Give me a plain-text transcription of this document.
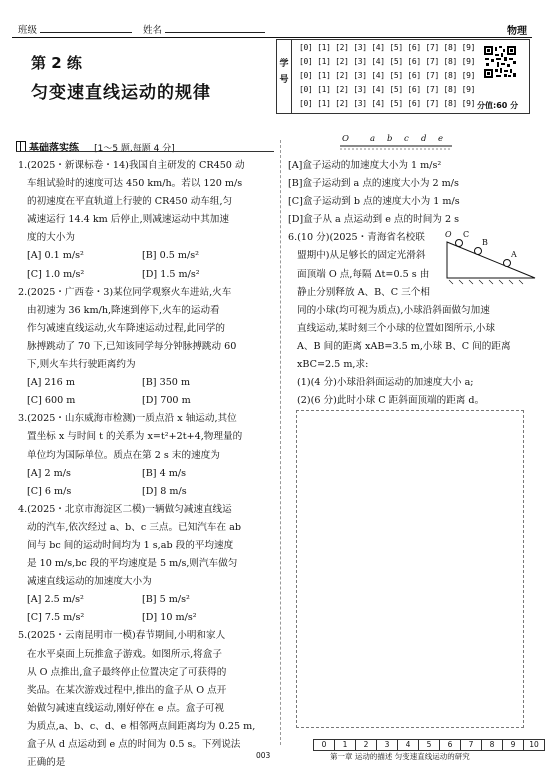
班级	姓名	物理
第 2 练
匀变速直线运动的规律
学
号
[0] [1] [2] [3] [4] [5] [6] [7] [8] [9]
[0] [1] [2] [3] [4] [5] [6] [7] [8] [9]
[0] [1] [2] [3] [4] [5] [6] [7] [8] [9]
[0] [1] [2] [3] [4] [5] [6] [7] [8] [9]
[0] [1] [2] [3] [4] [5] [6] [7] [8] [9] 分值:60 分
基础落实练 [1～5 题,每题 4 分]
1.(2025・新课标卷・14)我国自主研发的 CR450 动
车组试验时的速度可达 450 km/h。若以 120 m/s
的初速度在平直轨道上行驶的 CR450 动车组,匀
减速运行 14.4 km 后停止,则减速运动中其加速
度的大小为
[A] 0.1 m/s²	[B] 0.5 m/s²
[C] 1.0 m/s²	[D] 1.5 m/s²
2.(2025・广西卷・3)某位同学观察火车进站,火车
由初速为 36 km/h,降速到停下,火车的运动看
作匀减速直线运动,火车降速运动过程,此同学的
脉搏跳动了 70 下,已知该同学每分钟脉搏跳动 60
下,则火车共行驶距离约为
[A] 216 m	[B] 350 m
[C] 600 m	[D] 700 m
3.(2025・山东威海市检测)一质点沿 x 轴运动,其位
置坐标 x 与时间 t 的关系为 x=t²+2t+4,物理量的
单位均为国际单位。质点在第 2 s 末的速度为
[A] 2 m/s	[B] 4 m/s
[C] 6 m/s	[D] 8 m/s
4.(2025・北京市海淀区二模)一辆做匀减速直线运
动的汽车,依次经过 a、b、c 三点。已知汽车在 ab
间与 bc 间的运动时间均为 1 s,ab 段的平均速度
是 10 m/s,bc 段的平均速度是 5 m/s,则汽车做匀
减速直线运动的加速度大小为
[A] 2.5 m/s²	[B] 5 m/s²
[C] 7.5 m/s²	[D] 10 m/s²
5.(2025・云南昆明市一模)春节期间,小明和家人
在水平桌面上玩推盒子游戏。如图所示,将盒子
从 O 点推出,盒子最终停止位置决定了可获得的
奖品。在某次游戏过程中,推出的盒子从 O 点开
始做匀减速直线运动,刚好停在 e 点。盒子可视
为质点,a、b、c、d、e 相邻两点间距离均为 0.25 m,
盒子从 d 点运动到 e 点的时间为 0.5 s。下列说法
正确的是
O a b c d e
[A]盒子运动的加速度大小为 1 m/s²
[B]盒子运动到 a 点的速度大小为 2 m/s
[C]盒子运动到 b 点的速度大小为 1 m/s
[D]盒子从 a 点运动到 e 点的时间为 2 s
6.(10 分)(2025・青海省名校联
盟期中)从足够长的固定光滑斜
面顶端 O 点,每隔 Δt=0.5 s 由
静止分别释放 A、B、C 三个相
同的小球(均可视为质点),小球沿斜面做匀加速
直线运动,某时刻三个小球的位置如图所示,小球
A、B 间的距离 xAB=3.5 m,小球 B、C 间的距离
xBC=2.5 m,求:
(1)(4 分)小球沿斜面运动的加速度大小 a;
(2)(6 分)此时小球 C 距斜面顶端的距离 d。
O C
B
A
0	1	2	3	4	5	6	7	8	9	10
第一章 运动的描述 匀变速直线运动的研究
003
